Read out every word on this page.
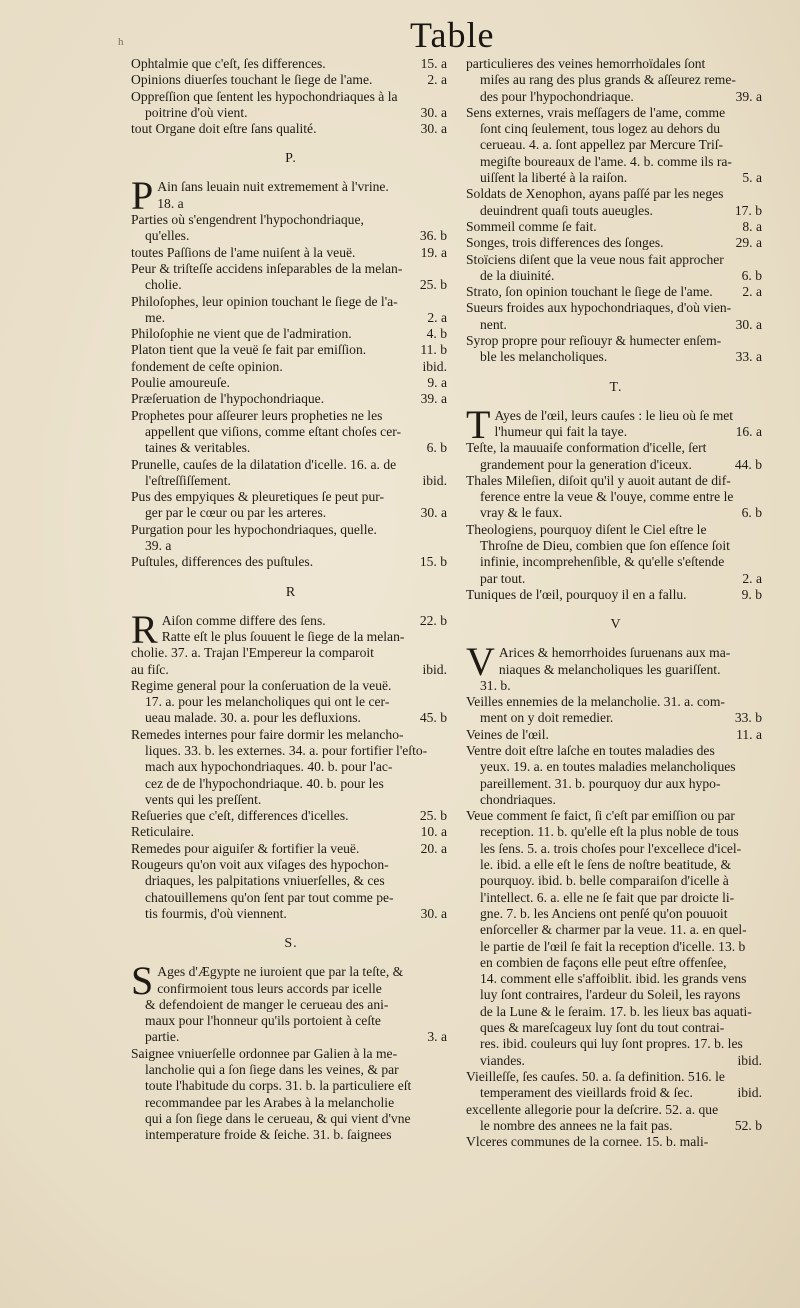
h	Table
15. a
Ophtalmie que c'eſt, ſes differences.
2. a
Opinions diuerſes touchant le ſiege de l'ame.
Oppreſſion que ſentent les hypochondriaques à la
30. a
poitrine d'où vient.
30. a
tout Organe doit eſtre ſans qualité.
P.
P Ain ſans leuain nuit extremement à l'vrine.
18. a
Parties où s'engendrent l'hypochondriaque,
36. b
qu'elles.
19. a
toutes Paſſions de l'ame nuiſent à la veuë.
Peur & triſteſſe accidens inſeparables de la melan-
25. b
cholie.
Philoſophes, leur opinion touchant le ſiege de l'a-
2. a
me.
4. b
Philoſophie ne vient que de l'admiration.
11. b
Platon tient que la veuë ſe fait par emiſſion.
ibid.
fondement de ceſte opinion.
9. a
Poulie amoureuſe.
39. a
Præſeruation de l'hypochondriaque.
Prophetes pour aſſeurer leurs propheties ne les
appellent que viſions, comme eſtant choſes cer-
6. b
taines & veritables.
Prunelle, cauſes de la dilatation d'icelle. 16. a. de
ibid.
l'eſtreſſiſſement.
Pus des empyiques & pleuretiques ſe peut pur-
30. a
ger par le cœur ou par les arteres.
Purgation pour les hypochondriaques, quelle.
39. a
15. b
Puſtules, differences des puſtules.
R
R	22. b
Aiſon comme differe des ſens.
Ratte eſt le plus ſouuent le ſiege de la melan-
cholie. 37. a. Trajan l'Empereur la comparoit
ibid.
au fiſc.
Regime general pour la conſeruation de la veuë.
17. a. pour les melancholiques qui ont le cer-
45. b
ueau malade. 30. a. pour les defluxions.
Remedes internes pour faire dormir les melancho-
liques. 33. b. les externes. 34. a. pour fortifier l'eſto-
mach aux hypochondriaques. 40. b. pour l'ac-
cez de de l'hypochondriaque. 40. b. pour les
vents qui les preſſent.
25. b
Reſueries que c'eſt, differences d'icelles.
10. a
Reticulaire.
20. a
Remedes pour aiguiſer & fortifier la veuë.
Rougeurs qu'on voit aux viſages des hypochon-
driaques, les palpitations vniuerſelles, & ces
chatouillemens qu'on ſent par tout comme pe-
30. a
tis fourmis, d'où viennent.
S.
S Ages d'Ægypte ne iuroient que par la teſte, &
confirmoient tous leurs accords par icelle
& defendoient de manger le cerueau des ani-
maux pour l'honneur qu'ils portoient à ceſte
3. a
partie.
Saignee vniuerſelle ordonnee par Galien à la me-
lancholie qui a ſon ſiege dans les veines, & par
toute l'habitude du corps. 31. b. la particuliere eſt
recommandee par les Arabes à la melancholie
qui a ſon ſiege dans le cerueau, & qui vient d'vne
intemperature froide & ſeiche. 31. b. ſaignees
particulieres des veines hemorrhoïdales ſont
miſes au rang des plus grands & aſſeurez reme-
39. a
des pour l'hypochondriaque.
Sens externes, vrais meſſagers de l'ame, comme
ſont cinq ſeulement, tous logez au dehors du
cerueau. 4. a. ſont appellez par Mercure Triſ-
megiſte boureaux de l'ame. 4. b. comme ils ra-
5. a
uiſſent la liberté à la raiſon.
Soldats de Xenophon, ayans paſſé par les neges
17. b
deuindrent quaſi touts aueugles.
8. a
Sommeil comme ſe fait.
29. a
Songes, trois differences des ſonges.
Stoïciens diſent que la veue nous fait approcher
6. b
de la diuinité.
2. a
Strato, ſon opinion touchant le ſiege de l'ame.
Sueurs froides aux hypochondriaques, d'où vien-
30. a
nent.
Syrop propre pour reſiouyr & humecter enſem-
33. a
ble les melancholiques.
T.
T Ayes de l'œil, leurs cauſes : le lieu où ſe met
16. a
l'humeur qui fait la taye.
Teſte, la mauuaiſe conformation d'icelle, ſert
44. b
grandement pour la generation d'iceux.
Thales Mileſien, diſoit qu'il y auoit autant de dif-
ference entre la veue & l'ouye, comme entre le
6. b
vray & le faux.
Theologiens, pourquoy diſent le Ciel eſtre le
Throſne de Dieu, combien que ſon eſſence ſoit
infinie, incomprehenſible, & qu'elle s'eſtende
2. a
par tout.
9. b
Tuniques de l'œil, pourquoy il en a fallu.
V
V Arices & hemorrhoides ſuruenans aux ma-
niaques & melancholiques les guariſſent.
31. b.
Veilles ennemies de la melancholie. 31. a. com-
33. b
ment on y doit remedier.
11. a
Veines de l'œil.
Ventre doit eſtre laſche en toutes maladies des
yeux. 19. a. en toutes maladies melancholiques
pareillement. 31. b. pourquoy dur aux hypo-
chondriaques.
Veue comment ſe faict, ſi c'eſt par emiſſion ou par
reception. 11. b. qu'elle eſt la plus noble de tous
les ſens. 5. a. trois choſes pour l'excellece d'icel-
le. ibid. a elle eſt le ſens de noſtre beatitude, &
pourquoy. ibid. b. belle comparaiſon d'icelle à
l'intellect. 6. a. elle ne ſe fait que par droicte li-
gne. 7. b. les Anciens ont penſé qu'on pouuoit
enſorceller & charmer par la veue. 11. a. en quel-
le partie de l'œil ſe fait la reception d'icelle. 13. b
en combien de façons elle peut eſtre offenſee,
14. comment elle s'affoiblit. ibid. les grands vens
luy ſont contraires, l'ardeur du Soleil, les rayons
de la Lune & le ſeraim. 17. b. les lieux bas aquati-
ques & mareſcageux luy ſont du tout contrai-
res. ibid. couleurs qui luy ſont propres. 17. b. les
ibid.
viandes.
Vieilleſſe, ſes cauſes. 50. a. ſa definition. 516. le
ibid.
temperament des vieillards froid & ſec.
excellente allegorie pour la deſcrire. 52. a. que
52. b
le nombre des annees ne la fait pas.
Vlceres communes de la cornee. 15. b. mali-
